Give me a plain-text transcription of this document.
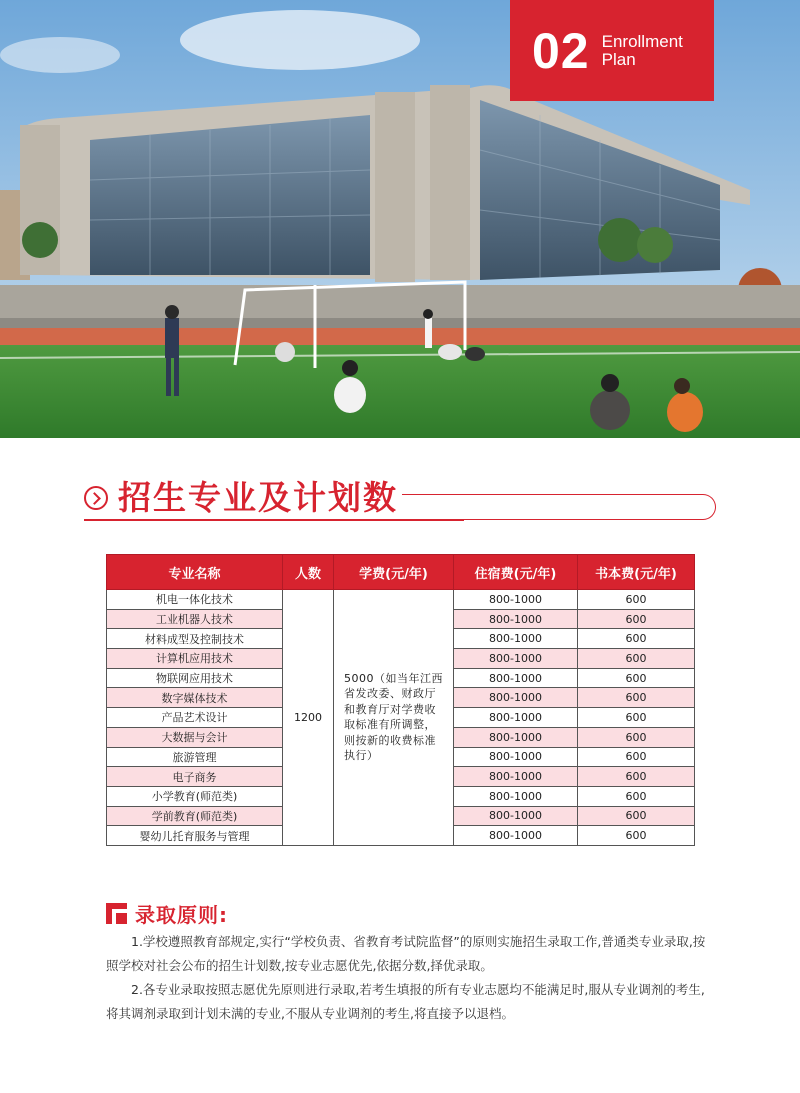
02 Enrollment
Plan
招生专业及计划数
专业名称	人数	学费(元/年)	住宿费(元/年)	书本费(元/年)
机电一体化技术	1200	5000（如当年江西省发改委、财政厅和教育厅对学费收取标准有所调整，则按新的收费标准执行）	800-1000	600
工业机器人技术			800-1000	600
材料成型及控制技术			800-1000	600
计算机应用技术			800-1000	600
物联网应用技术			800-1000	600
数字媒体技术			800-1000	600
产品艺术设计			800-1000	600
大数据与会计			800-1000	600
旅游管理			800-1000	600
电子商务			800-1000	600
小学教育(师范类)			800-1000	600
学前教育(师范类)			800-1000	600
婴幼儿托育服务与管理			800-1000	600
录取原则:

1.学校遵照教育部规定,实行“学校负责、省教育考试院监督”的原则实施招生录取工作,普通类专业录取,按照学校对社会公布的招生计划数,按专业志愿优先,依据分数,择优录取。

2.各专业录取按照志愿优先原则进行录取,若考生填报的所有专业志愿均不能满足时,服从专业调剂的考生,将其调剂录取到计划未满的专业,不服从专业调剂的考生,将直接予以退档。
